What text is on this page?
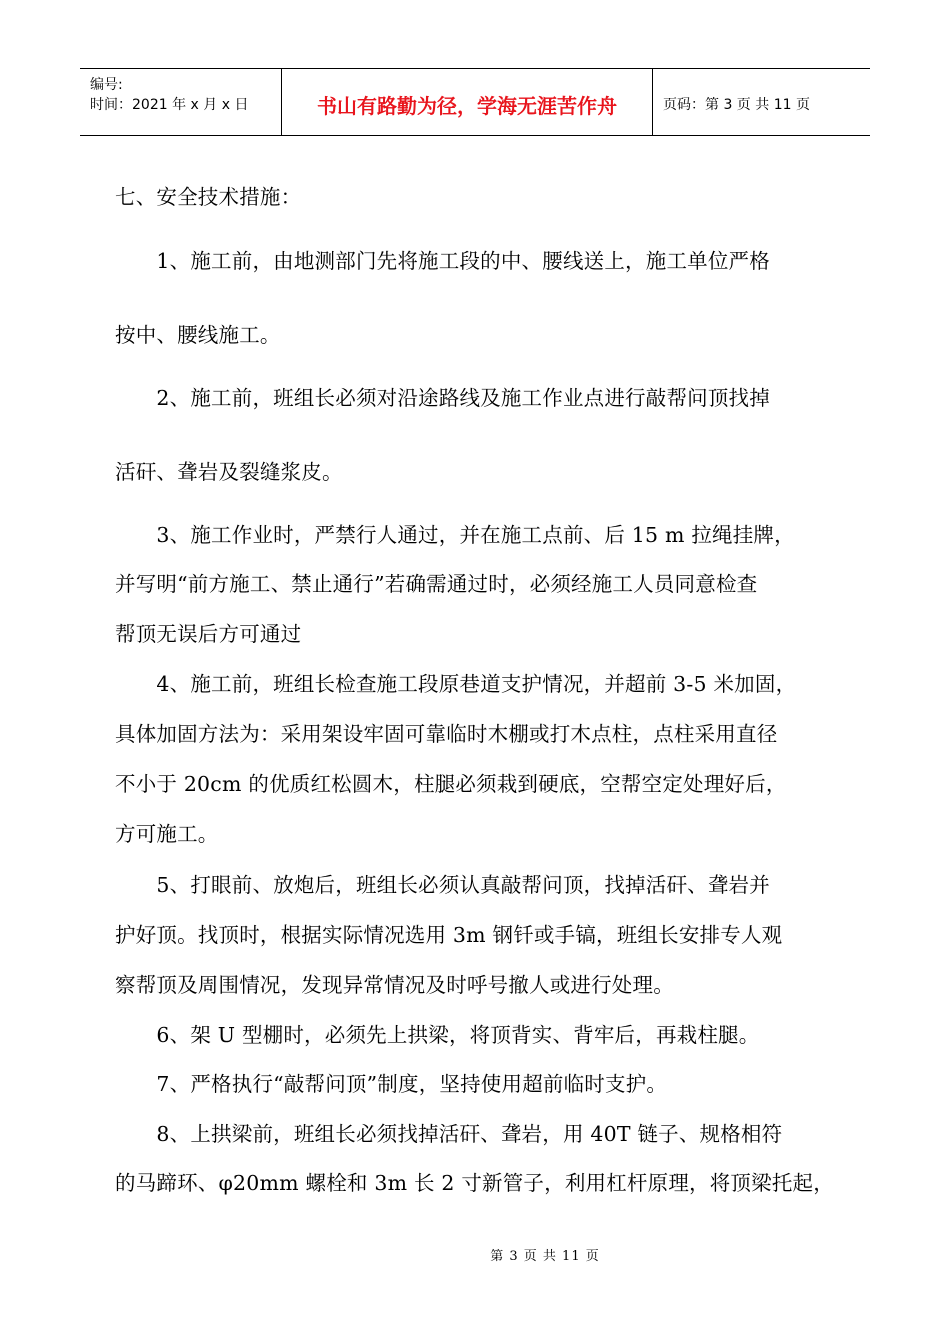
编号:
时间：2021 年 x 月 x 日	书山有路勤为径，学海无涯苦作舟	页码：第 3 页 共 11 页
七、安全技术措施：
　　1、施工前，由地测部门先将施工段的中、腰线送上，施工单位严格
按中、腰线施工。
　　2、施工前，班组长必须对沿途路线及施工作业点进行敲帮问顶找掉
活矸、聋岩及裂缝浆皮。
　　3、施工作业时，严禁行人通过，并在施工点前、后 15 m 拉绳挂牌，
并写明“前方施工、禁止通行”若确需通过时，必须经施工人员同意检查
帮顶无误后方可通过
　　4、施工前，班组长检查施工段原巷道支护情况，并超前 3-5 米加固，
具体加固方法为：采用架设牢固可靠临时木棚或打木点柱，点柱采用直径
不小于 20cm 的优质红松圆木，柱腿必须栽到硬底，空帮空定处理好后，
方可施工。
　　5、打眼前、放炮后，班组长必须认真敲帮问顶，找掉活矸、聋岩并
护好顶。找顶时，根据实际情况选用 3m 钢钎或手镐，班组长安排专人观
察帮顶及周围情况，发现异常情况及时呼号撤人或进行处理。
　　6、架 U 型棚时，必须先上拱梁，将顶背实、背牢后，再栽柱腿。
　　7、严格执行“敲帮问顶”制度，坚持使用超前临时支护。
　　8、上拱梁前，班组长必须找掉活矸、聋岩，用 40T 链子、规格相符
的马蹄环、φ20mm 螺栓和 3m 长 2 寸新管子，利用杠杆原理，将顶梁托起，
第 3 页 共 11 页
